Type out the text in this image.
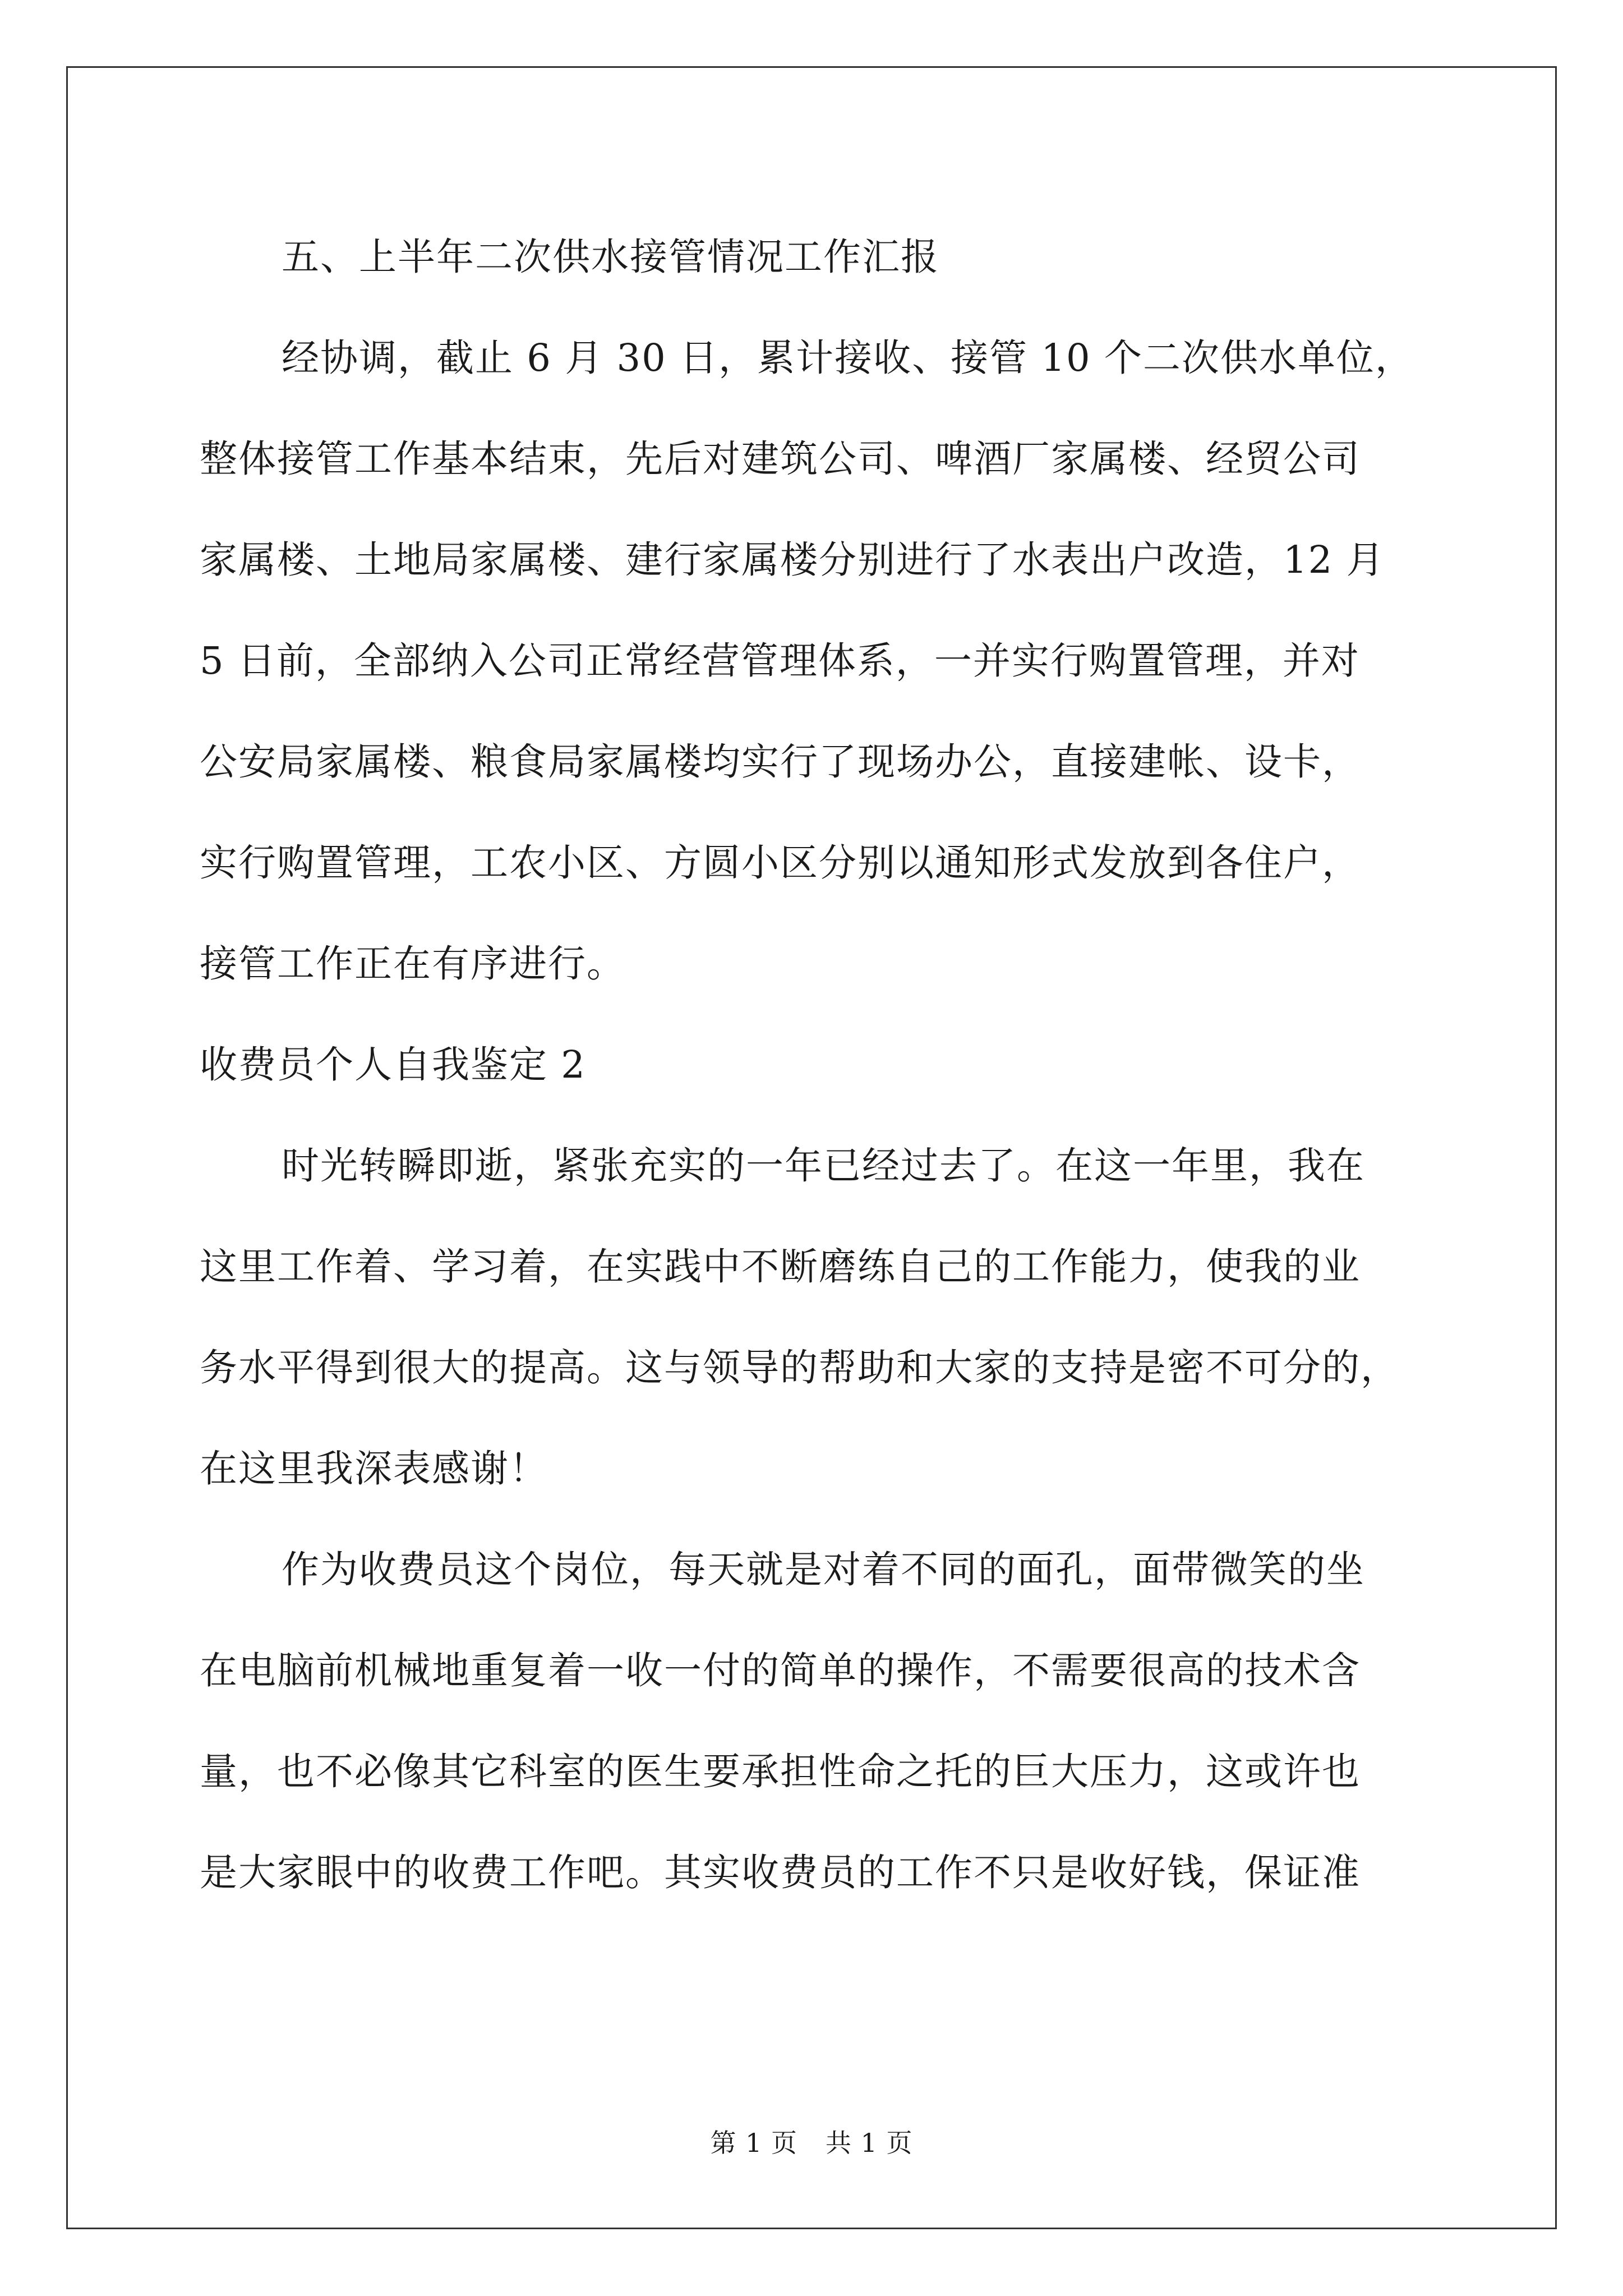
五、上半年二次供水接管情况工作汇报
经协调，截止 6 月 30 日，累计接收、接管 10 个二次供水单位，
整体接管工作基本结束，先后对建筑公司、啤酒厂家属楼、经贸公司
家属楼、土地局家属楼、建行家属楼分别进行了水表出户改造，12 月
5 日前，全部纳入公司正常经营管理体系，一并实行购置管理，并对
公安局家属楼、粮食局家属楼均实行了现场办公，直接建帐、设卡，
实行购置管理，工农小区、方圆小区分别以通知形式发放到各住户，
接管工作正在有序进行。
收费员个人自我鉴定 2
时光转瞬即逝，紧张充实的一年已经过去了。在这一年里，我在
这里工作着、学习着，在实践中不断磨练自己的工作能力，使我的业
务水平得到很大的提高。这与领导的帮助和大家的支持是密不可分的，
在这里我深表感谢！
作为收费员这个岗位，每天就是对着不同的面孔，面带微笑的坐
在电脑前机械地重复着一收一付的简单的操作，不需要很高的技术含
量，也不必像其它科室的医生要承担性命之托的巨大压力，这或许也
是大家眼中的收费工作吧。其实收费员的工作不只是收好钱，保证准
第 1 页 共 1 页
